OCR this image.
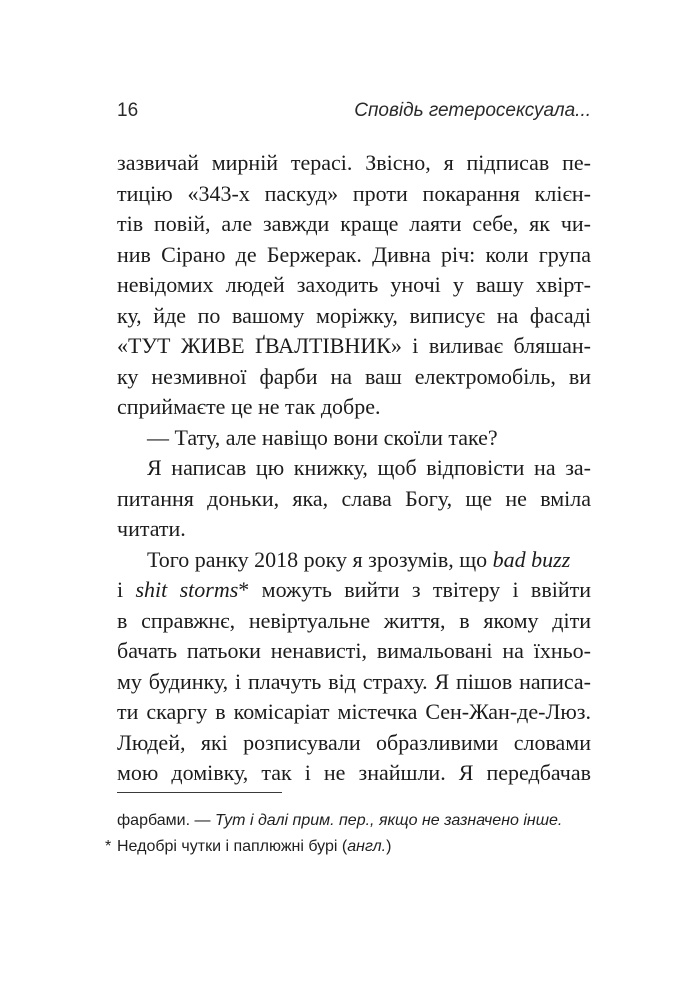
16	Сповідь гетеросексуала...
зазвичай мирній терасі. Звісно, я підписав пе-
тицію «343-х паскуд» проти покарання клієн-
тів повій, але завжди краще лаяти себе, як чи-
нив Сірано де Бержерак. Дивна річ: коли група
невідомих людей заходить уночі у вашу хвірт-
ку, йде по вашому моріжку, виписує на фасаді
«ТУТ ЖИВЕ ҐВАЛТІВНИК» і виливає бляшан-
ку незмивної фарби на ваш електромобіль, ви
сприймаєте це не так добре.
— Тату, але навіщо вони скоїли таке?
Я написав цю книжку, щоб відповісти на за-
питання доньки, яка, слава Богу, ще не вміла
читати.
Того ранку 2018 року я зрозумів, що bad buzz
і shit storms* можуть вийти з твітеру і ввійти
в справжнє, невіртуальне життя, в якому діти
бачать патьоки ненависті, вимальовані на їхньо-
му будинку, і плачуть від страху. Я пішов написа-
ти скаргу в комісаріат містечка Сен-Жан-де-Люз.
Людей, які розписували образливими словами
мою домівку, так і не знайшли. Я передбачав
фарбами. — Тут і далі прим. пер., якщо не зазначено інше.
* Недобрі чутки і паплюжні бурі (англ.)
